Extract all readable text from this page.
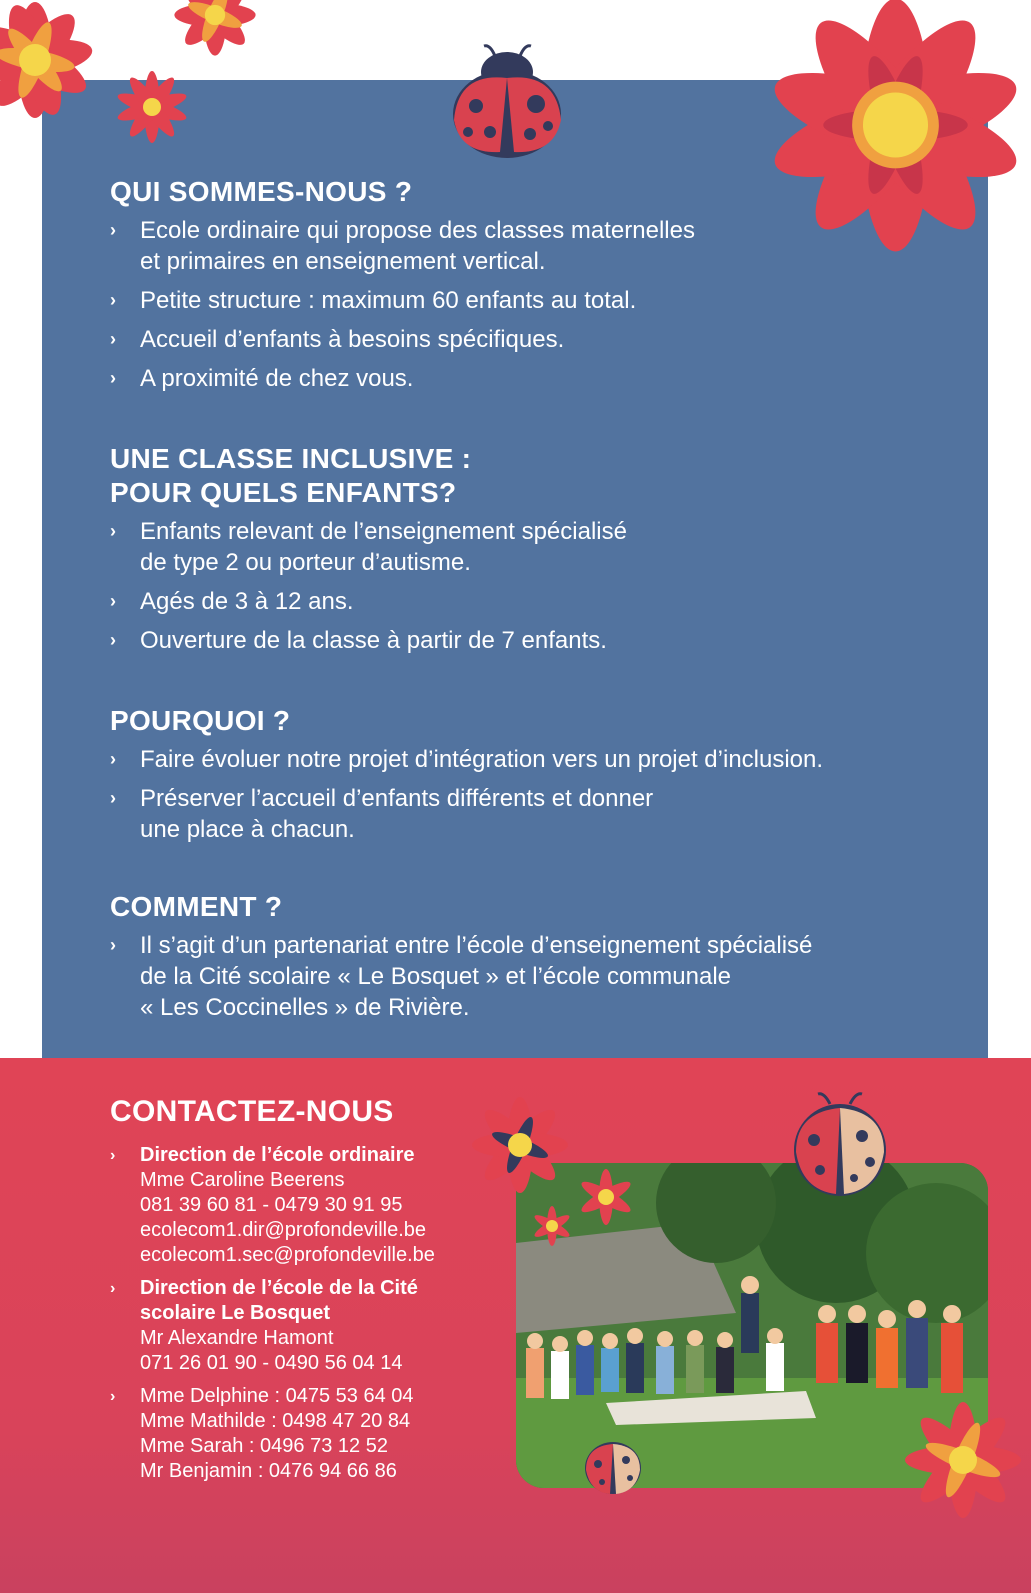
QUI SOMMES-NOUS ?
› Ecole ordinaire qui propose des classes maternelles
et primaires en enseignement vertical.
› Petite structure : maximum 60 enfants au total.
› Accueil d’enfants à besoins spécifiques.
› A proximité de chez vous.
UNE CLASSE INCLUSIVE :
POUR QUELS ENFANTS?
› Enfants relevant de l’enseignement spécialisé
de type 2 ou porteur d’autisme.
› Agés de 3 à 12 ans.
› Ouverture de la classe à partir de 7 enfants.
POURQUOI ?
› Faire évoluer notre projet d’intégration vers un projet d’inclusion.
› Préserver l’accueil d’enfants différents et donner
une place à chacun.
COMMENT ?
› Il s’agit d’un partenariat entre l’école d’enseignement spécialisé
de la Cité scolaire « Le Bosquet » et l’école communale
« Les Coccinelles » de Rivière.
CONTACTEZ-NOUS
› Direction de l’école ordinaire
Mme Caroline Beerens
081 39 60 81 - 0479 30 91 95
ecolecom1.dir@profondeville.be
ecolecom1.sec@profondeville.be
› Direction de l’école de la Cité
scolaire Le Bosquet
Mr Alexandre Hamont
071 26 01 90 - 0490 56 04 14
› Mme Delphine : 0475 53 64 04
Mme Mathilde : 0498 47 20 84
Mme Sarah : 0496 73 12 52
Mr Benjamin : 0476 94 66 86
